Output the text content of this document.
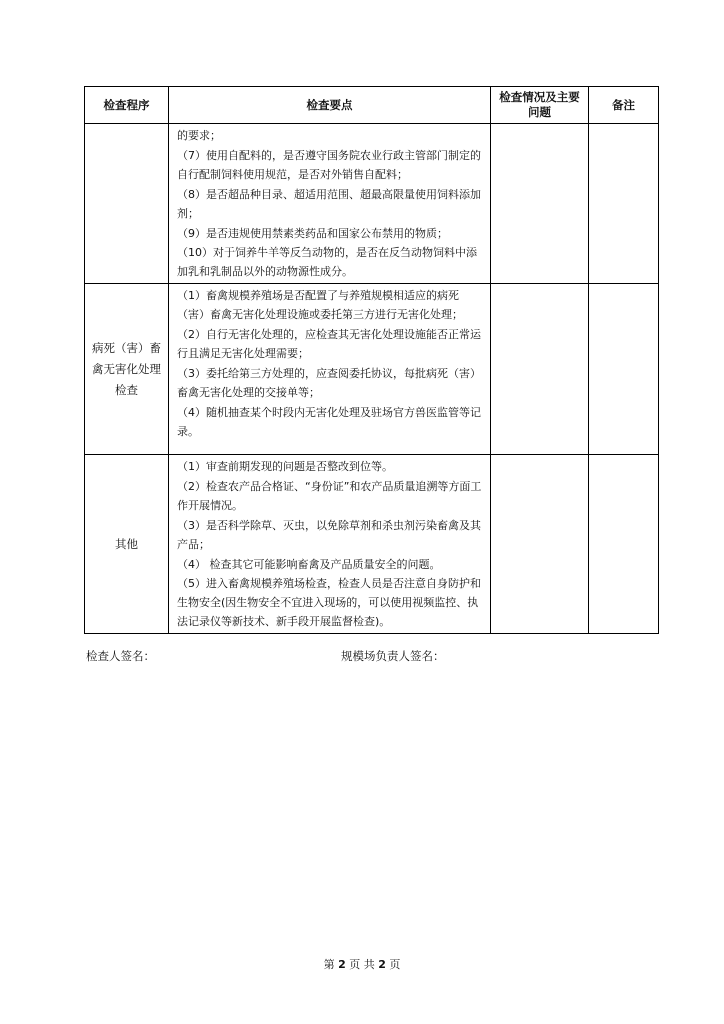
检查程序	检查要点	检查情况及主要问题	备注

	的要求；

（7）使用自配料的，是否遵守国务院农业行政主管部门制定的自行配制饲料使用规范，是否对外销售自配料；

（8）是否超品种目录、超适用范围、超最高限量使用饲料添加剂；

（9）是否违规使用禁素类药品和国家公布禁用的物质；

（10）对于饲养牛羊等反刍动物的，是否在反刍动物饲料中添加乳和乳制品以外的动物源性成分。		

病死（害）畜禽无害化处理检查	（1）畜禽规模养殖场是否配置了与养殖规模相适应的病死（害）畜禽无害化处理设施或委托第三方进行无害化处理；

（2）自行无害化处理的，应检查其无害化处理设施能否正常运行且满足无害化处理需要；

（3）委托给第三方处理的，应查阅委托协议，每批病死（害）畜禽无害化处理的交接单等；

（4）随机抽查某个时段内无害化处理及驻场官方兽医监管等记录。		

其他	（1）审查前期发现的问题是否整改到位等。

（2）检查农产品合格证、“身份证”和农产品质量追溯等方面工作开展情况。

（3）是否科学除草、灭虫，以免除草剂和杀虫剂污染畜禽及其产品；

（4） 检查其它可能影响畜禽及产品质量安全的问题。

（5）进入畜禽规模养殖场检查，检查人员是否注意自身防护和生物安全(因生物安全不宜进入现场的，可以使用视频监控、执法记录仪等新技术、新手段开展监督检查)。		

检查人签名：	规模场负责人签名：
第 2 页 共 2 页
